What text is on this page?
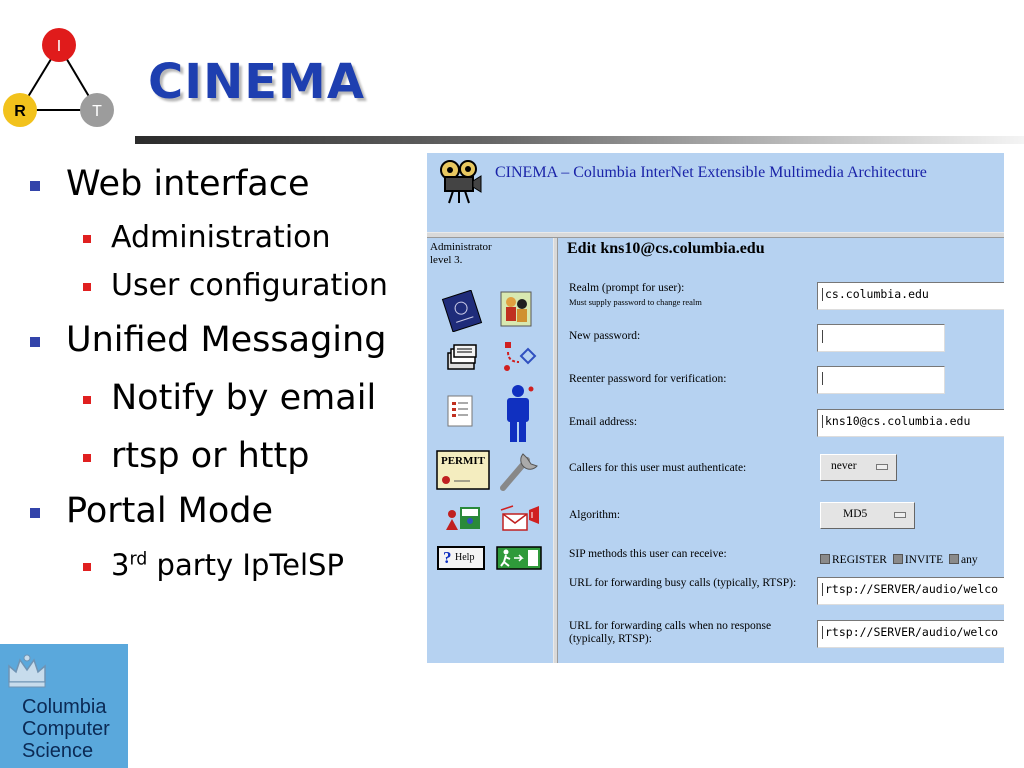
I
R	T
CINEMA
Web interface
Administration
User configuration
Unified Messaging
Notify by email
rtsp or http
Portal Mode
3rd party IpTelSP
Columbia
Computer
Science
CINEMA – Columbia InterNet Extensible Multimedia Architecture
Administrator
level 3.
PERMIT
? Help
Edit kns10@cs.columbia.edu
Realm (prompt for user):
Must supply password to change realm
cs.columbia.edu
New password:
Reenter password for verification:
Email address:	kns10@cs.columbia.edu
Callers for this user must authenticate:	never
Algorithm:	MD5
SIP methods this user can receive:	REGISTER INVITE any
URL for forwarding busy calls (typically, RTSP):	rtsp://SERVER/audio/welco
URL for forwarding calls when no response (typically, RTSP):	rtsp://SERVER/audio/welco
